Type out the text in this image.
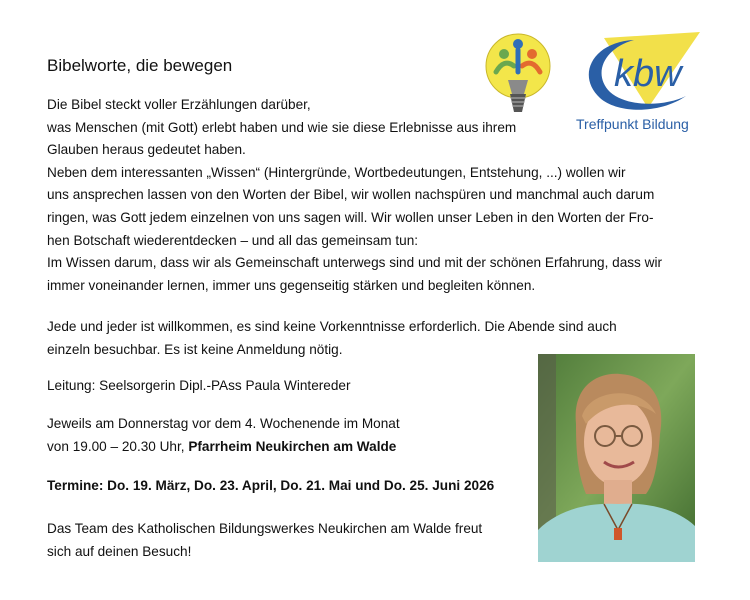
Bibelworte, die bewegen
Die Bibel steckt voller Erzählungen darüber,
was Menschen (mit Gott) erlebt haben und wie sie diese Erlebnisse aus ihrem
Glauben heraus gedeutet haben.
Neben dem interessanten „Wissen“ (Hintergründe, Wortbedeutungen, Entstehung, ...) wollen wir
uns ansprechen lassen von den Worten der Bibel, wir wollen nachspüren und manchmal auch darum
ringen, was Gott jedem einzelnen von uns sagen will. Wir wollen unser Leben in den Worten der Fro-
hen Botschaft wiederentdecken – und all das gemeinsam tun:
Im Wissen darum, dass wir als Gemeinschaft unterwegs sind und mit der schönen Erfahrung, dass wir
immer voneinander lernen, immer uns gegenseitig stärken und begleiten können.
Jede und jeder ist willkommen, es sind keine Vorkenntnisse erforderlich. Die Abende sind auch
einzeln besuchbar. Es ist keine Anmeldung nötig.
Leitung: Seelsorgerin Dipl.-PAss Paula Wintereder
Jeweils am Donnerstag vor dem 4. Wochenende im Monat
von 19.00 – 20.30 Uhr, Pfarrheim Neukirchen am Walde
Termine: Do. 19. März, Do. 23. April, Do. 21. Mai und Do. 25. Juni 2026
Das Team des Katholischen Bildungswerkes Neukirchen am Walde freut
sich auf deinen Besuch!
kbw
Treffpunkt Bildung
